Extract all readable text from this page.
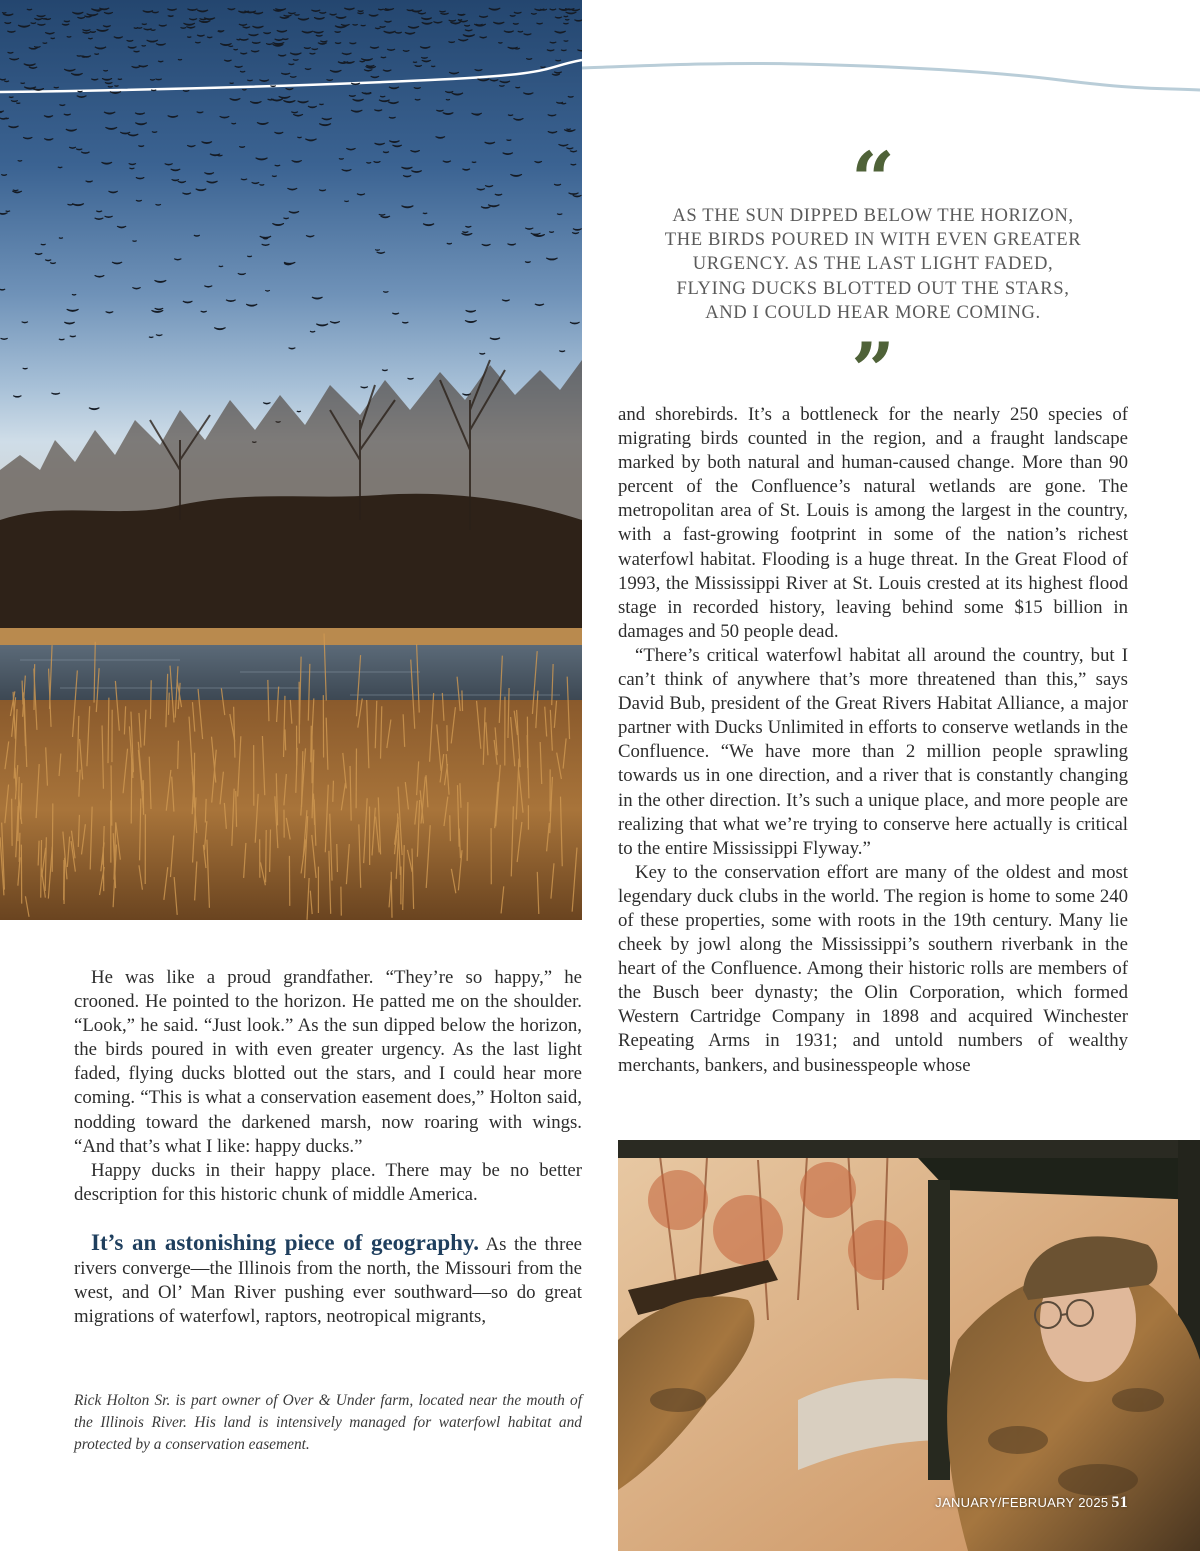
“
AS THE SUN DIPPED BELOW THE HORIZON,
THE BIRDS POURED IN WITH EVEN GREATER
URGENCY. AS THE LAST LIGHT FADED,
FLYING DUCKS BLOTTED OUT THE STARS,
AND I COULD HEAR MORE COMING.
”

and shorebirds. It’s a bottleneck for the nearly 250 species of migrating birds counted in the region, and a fraught landscape marked by both natural and human-caused change. More than 90 percent of the Confluence’s natural wetlands are gone. The metropolitan area of St. Louis is among the largest in the country, with a fast-growing footprint in some of the nation’s richest waterfowl habitat. Flooding is a huge threat. In the Great Flood of 1993, the Mississippi River at St. Louis crested at its highest flood stage in recorded history, leaving behind some $15 billion in damages and 50 people dead.

“There’s critical waterfowl habitat all around the country, but I can’t think of anywhere that’s more threatened than this,” says David Bub, president of the Great Rivers Habitat Alliance, a major partner with Ducks Unlimited in efforts to conserve wetlands in the Confluence. “We have more than 2 million people sprawling towards us in one direction, and a river that is constantly changing in the other direction. It’s such a unique place, and more people are realizing that what we’re trying to conserve here actually is critical to the entire Mississippi Flyway.”

Key to the conservation effort are many of the oldest and most legendary duck clubs in the world. The region is home to some 240 of these properties, some with roots in the 19th century. Many lie cheek by jowl along the Mississippi’s southern riverbank in the heart of the Confluence. Among their historic rolls are members of the Busch beer dynasty; the Olin Corporation, which formed Western Cartridge Company in 1898 and acquired Winchester Repeating Arms in 1931; and untold numbers of wealthy merchants, bankers, and businesspeople whose

He was like a proud grandfather. “They’re so happy,” he crooned. He pointed to the horizon. He patted me on the shoulder. “Look,” he said. “Just look.” As the sun dipped below the horizon, the birds poured in with even greater urgency. As the last light faded, flying ducks blotted out the stars, and I could hear more coming. “This is what a conservation easement does,” Holton said, nodding toward the darkened marsh, now roaring with wings. “And that’s what I like: happy ducks.”

Happy ducks in their happy place. There may be no better description for this historic chunk of middle America.

It’s an astonishing piece of geography. As the three rivers converge—the Illinois from the north, the Missouri from the west, and Ol’ Man River pushing ever southward—so do great migrations of waterfowl, raptors, neotropical migrants,

Rick Holton Sr. is part owner of Over & Under farm, located near the mouth of the Illinois River. His land is intensively managed for waterfowl habitat and protected by a conservation easement.
JANUARY/FEBRUARY 2025 51
